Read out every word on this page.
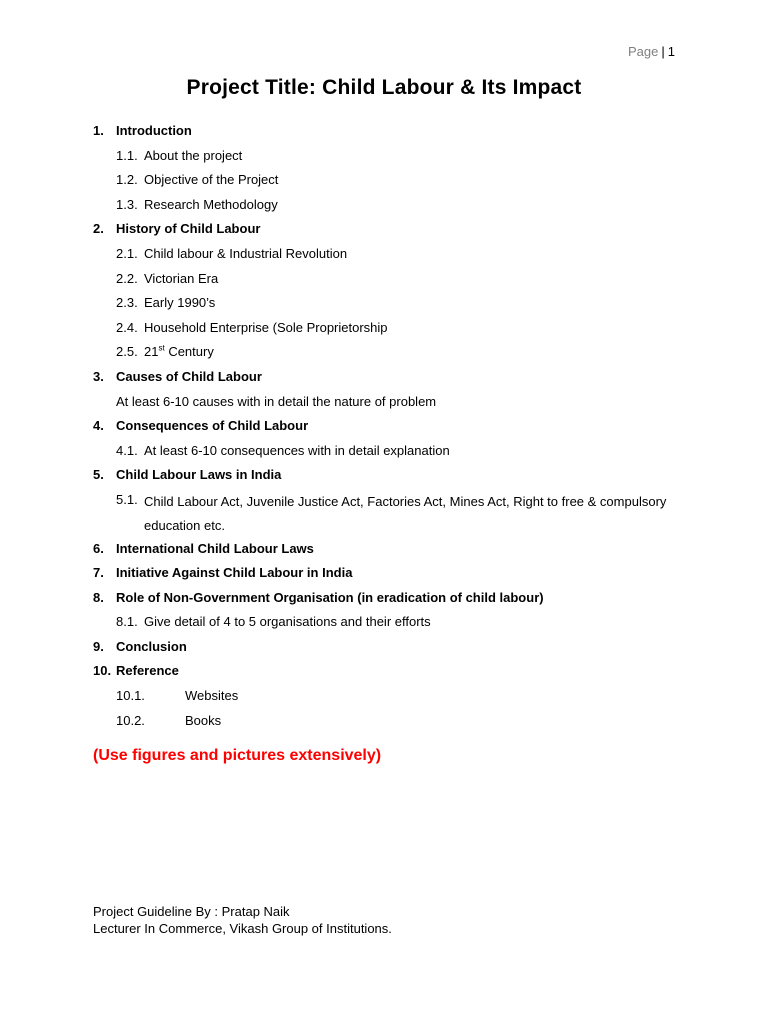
Page | 1
Project Title: Child Labour & Its Impact
1. Introduction
1.1. About the project
1.2. Objective of the Project
1.3. Research Methodology
2. History of Child Labour
2.1. Child labour & Industrial Revolution
2.2. Victorian Era
2.3. Early 1990’s
2.4. Household Enterprise (Sole Proprietorship
2.5. 21st Century
3. Causes of Child Labour
At least 6-10 causes with in detail the nature of problem
4. Consequences of Child Labour
4.1. At least 6-10 consequences with in detail explanation
5. Child Labour Laws in India
5.1. Child Labour Act, Juvenile Justice Act, Factories Act, Mines Act, Right to free & compulsory education etc.
6. International Child Labour Laws
7. Initiative Against Child Labour in India
8. Role of Non-Government Organisation (in eradication of child labour)
8.1. Give detail of 4 to 5 organisations and their efforts
9. Conclusion
10. Reference
10.1.	Websites
10.2.	Books
(Use figures and pictures extensively)
Project Guideline By : Pratap Naik
Lecturer In Commerce, Vikash Group of Institutions.
